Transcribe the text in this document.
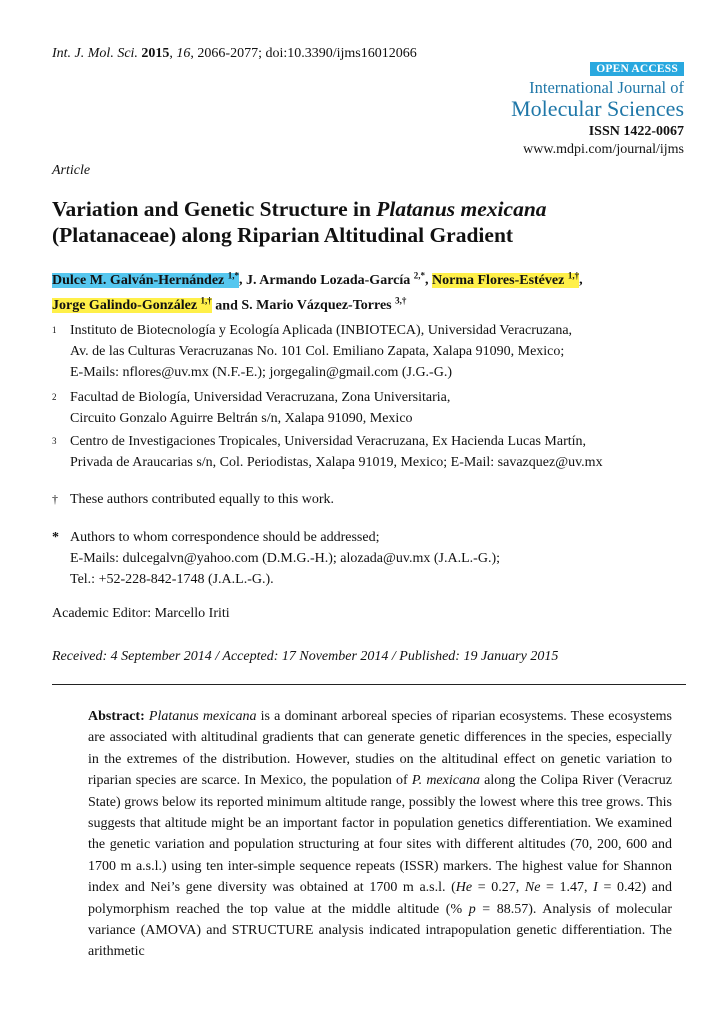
Int. J. Mol. Sci. 2015, 16, 2066-2077; doi:10.3390/ijms16012066
OPEN ACCESS
International Journal of
Molecular Sciences
ISSN 1422-0067
www.mdpi.com/journal/ijms
Article
Variation and Genetic Structure in Platanus mexicana
(Platanaceae) along Riparian Altitudinal Gradient
Dulce M. Galván-Hernández $^{1,*}$, J. Armando Lozada-García $^{2,*}$, Norma Flores-Estévez $^{1,\dagger}$,
Jorge Galindo-González $^{1,\dagger}$ and S. Mario Vázquez-Torres $^{3,\dagger}$
1 Instituto de Biotecnología y Ecología Aplicada (INBIOTECA), Universidad Veracruzana,
Av. de las Culturas Veracruzanas No. 101 Col. Emiliano Zapata, Xalapa 91090, Mexico;
E-Mails: nflores@uv.mx (N.F.-E.); jorgegalin@gmail.com (J.G.-G.)
2 Facultad de Biología, Universidad Veracruzana, Zona Universitaria,
Circuito Gonzalo Aguirre Beltrán s/n, Xalapa 91090, Mexico
3 Centro de Investigaciones Tropicales, Universidad Veracruzana, Ex Hacienda Lucas Martín,
Privada de Araucarias s/n, Col. Periodistas, Xalapa 91019, Mexico; E-Mail: savazquez@uv.mx
† These authors contributed equally to this work.
* Authors to whom correspondence should be addressed;
E-Mails: dulcegalvn@yahoo.com (D.M.G.-H.); alozada@uv.mx (J.A.L.-G.);
Tel.: +52-228-842-1748 (J.A.L.-G.).
Academic Editor: Marcello Iriti
Received: 4 September 2014 / Accepted: 17 November 2014 / Published: 19 January 2015
Abstract: Platanus mexicana is a dominant arboreal species of riparian ecosystems. These ecosystems are associated with altitudinal gradients that can generate genetic differences in the species, especially in the extremes of the distribution. However, studies on the altitudinal effect on genetic variation to riparian species are scarce. In Mexico, the population of P. mexicana along the Colipa River (Veracruz State) grows below its reported minimum altitude range, possibly the lowest where this tree grows. This suggests that altitude might be an important factor in population genetics differentiation. We examined the genetic variation and population structuring at four sites with different altitudes (70, 200, 600 and 1700 m a.s.l.) using ten inter-simple sequence repeats (ISSR) markers. The highest value for Shannon index and Nei’s gene diversity was obtained at 1700 m a.s.l. (He = 0.27, Ne = 1.47, I = 0.42) and polymorphism reached the top value at the middle altitude (% p = 88.57). Analysis of molecular variance (AMOVA) and STRUCTURE analysis indicated intrapopulation genetic differentiation. The arithmetic
